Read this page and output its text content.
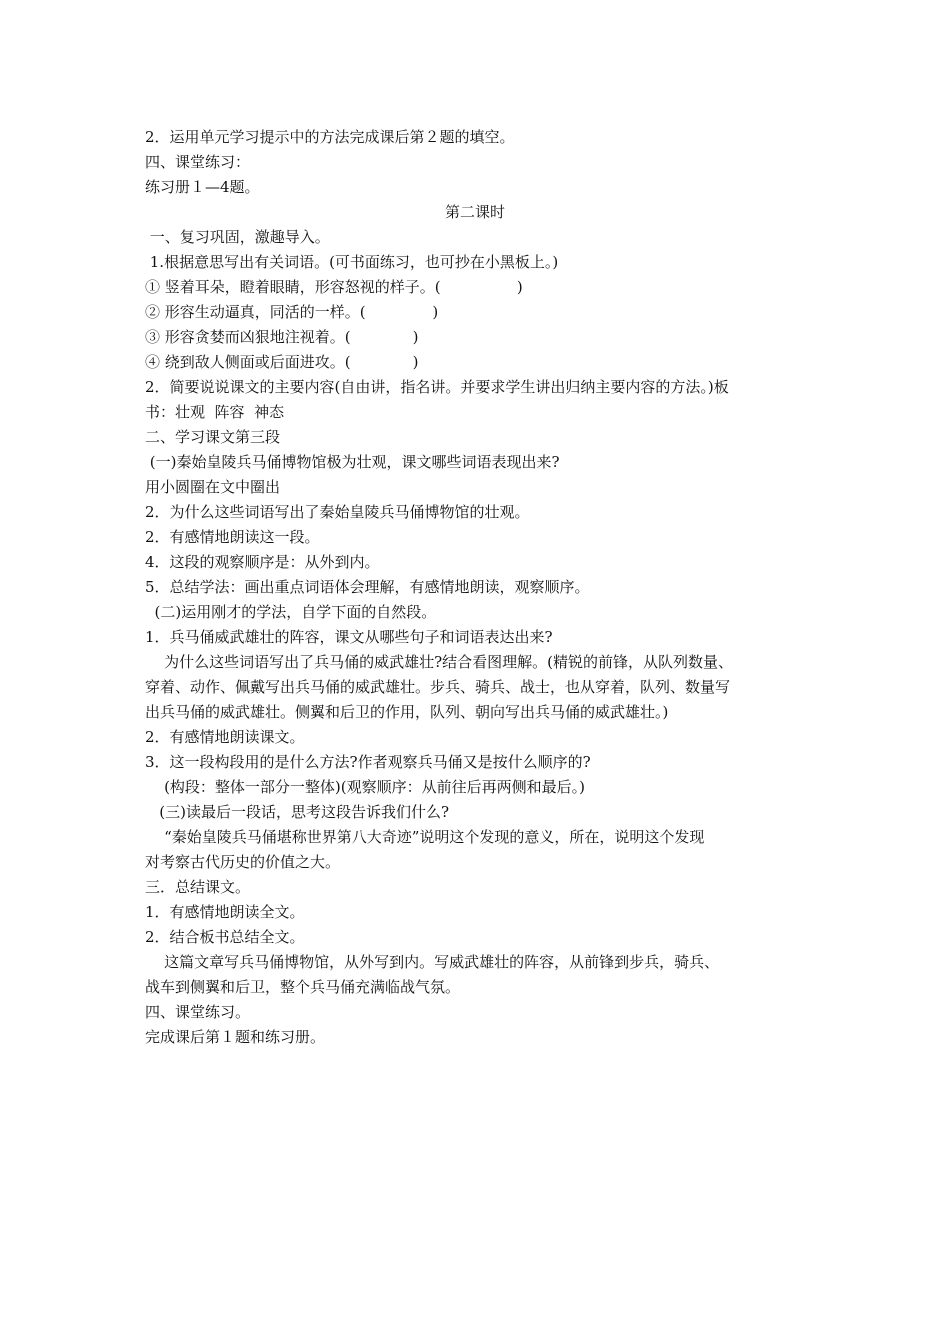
2．运用单元学习提示中的方法完成课后第２题的填空。
四、课堂练习：
练习册１—4题。
第二课时
一、复习巩固，激趣导入。
1.根据意思写出有关词语。(可书面练习，也可抄在小黑板上。)
① 竖着耳朵，瞪着眼睛，形容怒视的样子。(                )
② 形容生动逼真，同活的一样。(              )
③ 形容贪婪而凶狠地注视着。(             )
④ 绕到敌人侧面或后面进攻。(             )
2．简要说说课文的主要内容(自由讲，指名讲。并要求学生讲出归纳主要内容的方法。)板
书：壮观  阵容  神态
二、学习课文第三段
(一)秦始皇陵兵马俑博物馆极为壮观，课文哪些词语表现出来?
用小圆圈在文中圈出
2．为什么这些词语写出了秦始皇陵兵马俑博物馆的壮观。
2．有感情地朗读这一段。
4．这段的观察顺序是：从外到内。
5．总结学法：画出重点词语体会理解，有感情地朗读，观察顺序。
(二)运用刚才的学法，自学下面的自然段。
1．兵马俑威武雄壮的阵容，课文从哪些句子和词语表达出来?
为什么这些词语写出了兵马俑的威武雄壮?结合看图理解。(精锐的前锋，从队列数量、
穿着、动作、佩戴写出兵马俑的威武雄壮。步兵、骑兵、战士，也从穿着，队列、数量写
出兵马俑的威武雄壮。侧翼和后卫的作用，队列、朝向写出兵马俑的威武雄壮。)
2．有感情地朗读课文。
3．这一段构段用的是什么方法?作者观察兵马俑又是按什么顺序的?
(构段：整体一部分一整体)(观察顺序：从前往后再两侧和最后。)
(三)读最后一段话，思考这段告诉我们什么?
“秦始皇陵兵马俑堪称世界第八大奇迹”说明这个发现的意义，所在，说明这个发现
对考察古代历史的价值之大。
三．总结课文。
1．有感情地朗读全文。
2．结合板书总结全文。
这篇文章写兵马俑博物馆，从外写到内。写威武雄壮的阵容，从前锋到步兵，骑兵、
战车到侧翼和后卫，整个兵马俑充满临战气氛。
四、课堂练习。
完成课后第１题和练习册。
